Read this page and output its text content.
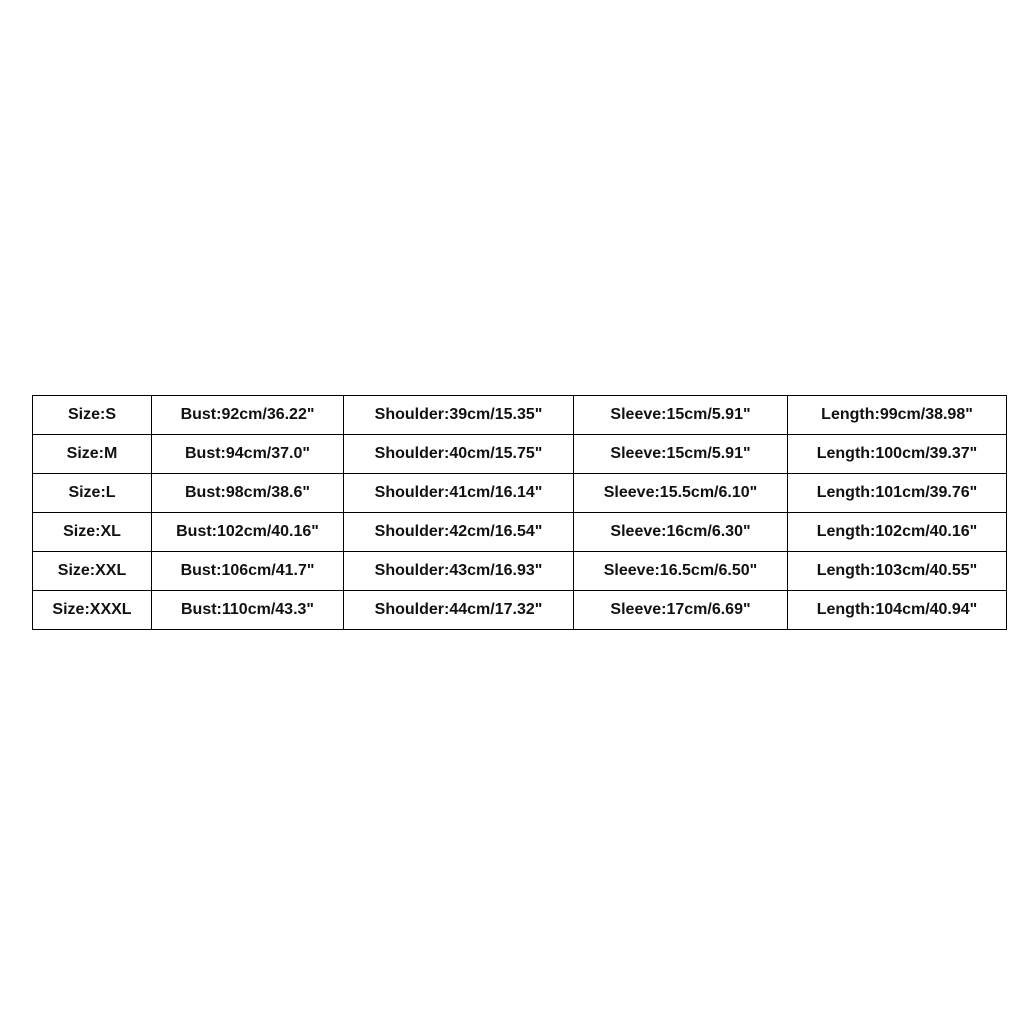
Size:S	Bust:92cm/36.22"	Shoulder:39cm/15.35"	Sleeve:15cm/5.91"	Length:99cm/38.98"
Size:M	Bust:94cm/37.0"	Shoulder:40cm/15.75"	Sleeve:15cm/5.91"	Length:100cm/39.37"
Size:L	Bust:98cm/38.6"	Shoulder:41cm/16.14"	Sleeve:15.5cm/6.10"	Length:101cm/39.76"
Size:XL	Bust:102cm/40.16"	Shoulder:42cm/16.54"	Sleeve:16cm/6.30"	Length:102cm/40.16"
Size:XXL	Bust:106cm/41.7"	Shoulder:43cm/16.93"	Sleeve:16.5cm/6.50"	Length:103cm/40.55"
Size:XXXL	Bust:110cm/43.3"	Shoulder:44cm/17.32"	Sleeve:17cm/6.69"	Length:104cm/40.94"
